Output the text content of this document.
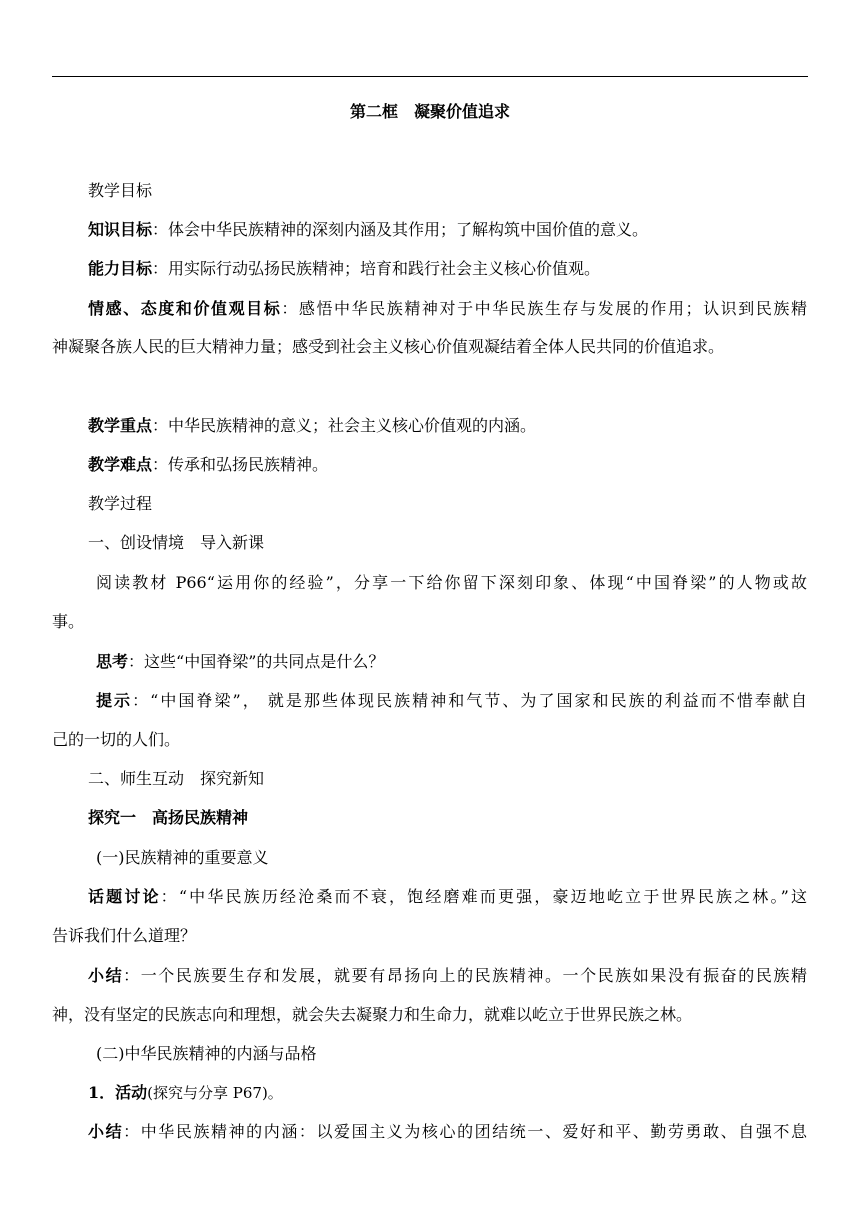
第二框　凝聚价值追求
教学目标
知识目标：体会中华民族精神的深刻内涵及其作用；了解构筑中国价值的意义。
能力目标：用实际行动弘扬民族精神；培育和践行社会主义核心价值观。
情感、态度和价值观目标：感悟中华民族精神对于中华民族生存与发展的作用；认识到民族精
神凝聚各族人民的巨大精神力量；感受到社会主义核心价值观凝结着全体人民共同的价值追求。
教学重点：中华民族精神的意义；社会主义核心价值观的内涵。
教学难点：传承和弘扬民族精神。
教学过程
一、创设情境　导入新课
阅读教材 P66“运用你的经验”，分享一下给你留下深刻印象、体现“中国脊梁”的人物或故
事。
思考：这些“中国脊梁”的共同点是什么？
提示：“中国脊梁”， 就是那些体现民族精神和气节、为了国家和民族的利益而不惜奉献自
己的一切的人们。
二、师生互动　探究新知
探究一　高扬民族精神
(一)民族精神的重要意义
话题讨论：“中华民族历经沧桑而不衰，饱经磨难而更强，豪迈地屹立于世界民族之林。”这
告诉我们什么道理？
小结：一个民族要生存和发展，就要有昂扬向上的民族精神。一个民族如果没有振奋的民族精
神，没有坚定的民族志向和理想，就会失去凝聚力和生命力，就难以屹立于世界民族之林。
(二)中华民族精神的内涵与品格
1．活动(探究与分享 P67)。
小结：中华民族精神的内涵：以爱国主义为核心的团结统一、爱好和平、勤劳勇敢、自强不息
